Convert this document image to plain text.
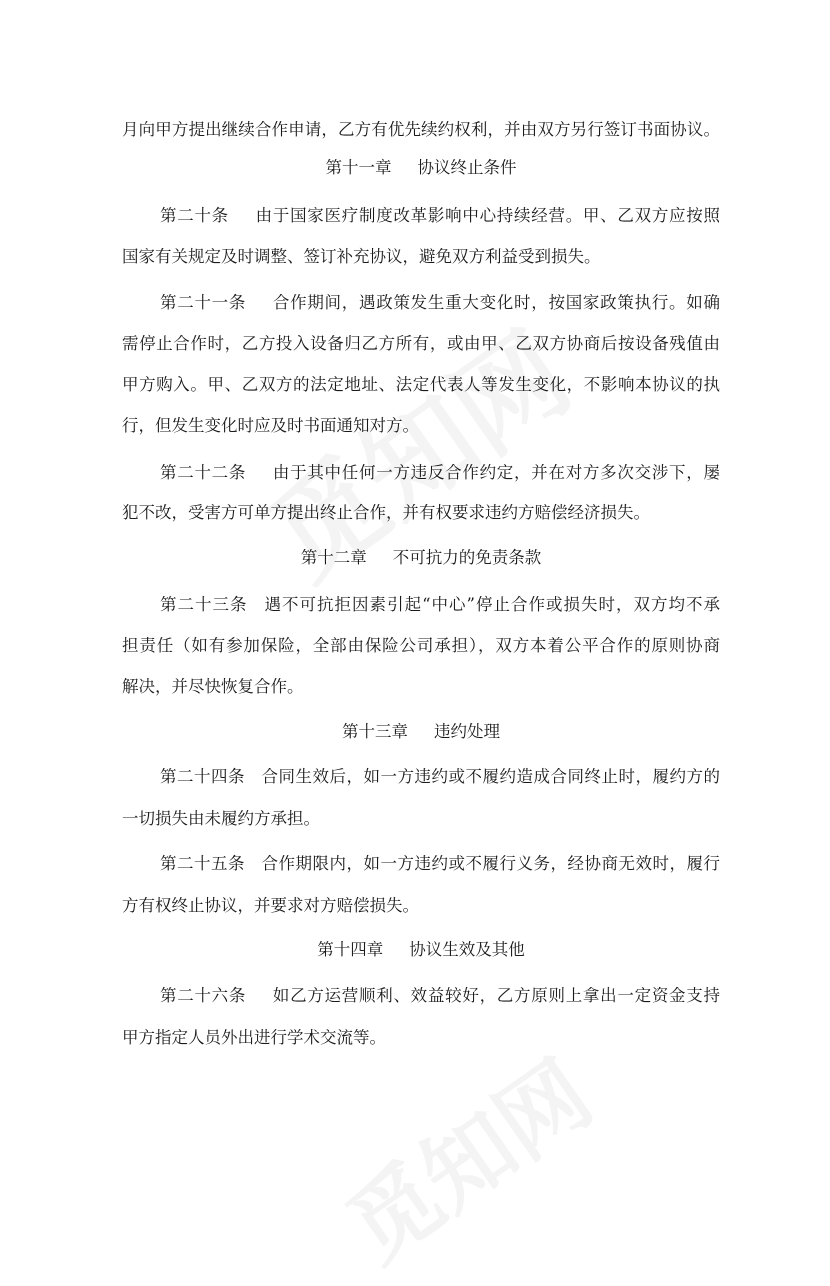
月向甲方提出继续合作申请，乙方有优先续约权利，并由双方另行签订书面协议。
第十一章 协议终止条件
第二十条 由于国家医疗制度改革影响中心持续经营。甲、乙双方应按照
国家有关规定及时调整、签订补充协议，避免双方利益受到损失。
第二十一条 合作期间，遇政策发生重大变化时，按国家政策执行。如确
需停止合作时，乙方投入设备归乙方所有，或由甲、乙双方协商后按设备残值由
甲方购入。甲、乙双方的法定地址、法定代表人等发生变化，不影响本协议的执
行，但发生变化时应及时书面通知对方。
第二十二条 由于其中任何一方违反合作约定，并在对方多次交涉下，屡
犯不改，受害方可单方提出终止合作，并有权要求违约方赔偿经济损失。
第十二章 不可抗力的免责条款
第二十三条 遇不可抗拒因素引起“中心”停止合作或损失时，双方均不承
担责任（如有参加保险，全部由保险公司承担），双方本着公平合作的原则协商
解决，并尽快恢复合作。
第十三章 违约处理
第二十四条 合同生效后，如一方违约或不履约造成合同终止时，履约方的
一切损失由未履约方承担。
第二十五条 合作期限内，如一方违约或不履行义务，经协商无效时，履行
方有权终止协议，并要求对方赔偿损失。
第十四章 协议生效及其他
第二十六条 如乙方运营顺利、效益较好，乙方原则上拿出一定资金支持
甲方指定人员外出进行学术交流等。
